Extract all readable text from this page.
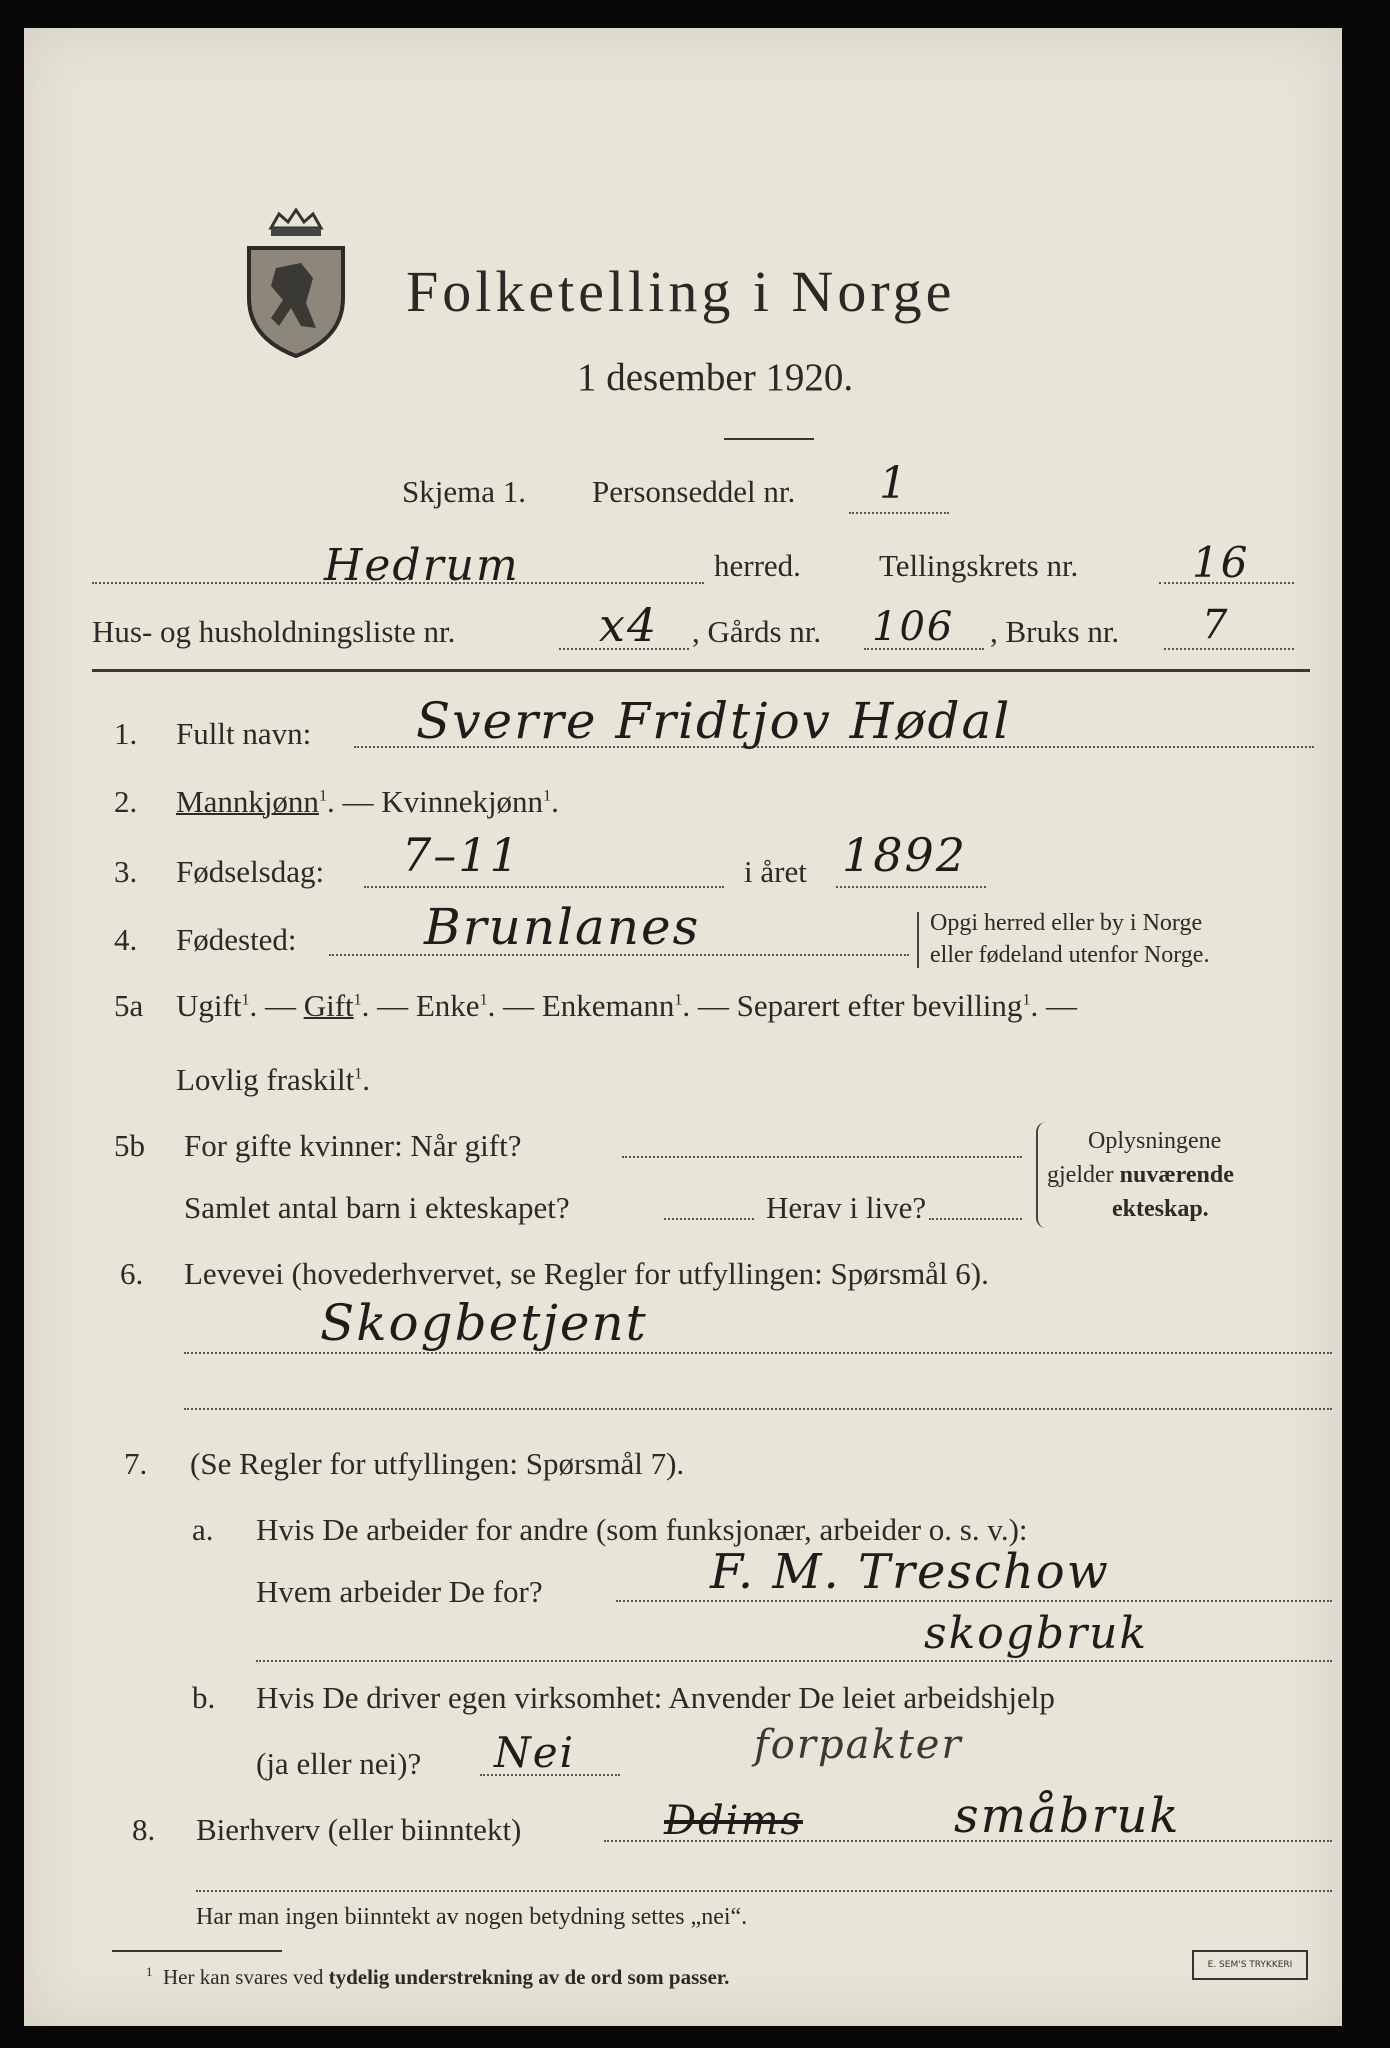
Folketelling i Norge
1 desember 1920.
Skjema 1. Personseddel nr. 1
Hedrum	herred.	Tellingskrets nr.	16
Hus- og husholdningsliste nr.	x4 , Gårds nr. 106 , Bruks nr. 7
1. Fullt navn: Sverre Fridtjov Hødal
2. Mannkjønn$^1$. — Kvinnekjønn$^1$.
3. Fødselsdag: 7–11	i året 1892
4. Fødested:	Brunlanes	Opgi herred eller by i Norge
eller fødeland utenfor Norge.
5a Ugift$^1$. — Gift$^1$. — Enke$^1$. — Enkemann$^1$. — Separert efter bevilling$^1$. —
Lovlig fraskilt$^1$.
5b For gifte kvinner: Når gift?
Samlet antal barn i ekteskapet?	Herav i live?
Oplysningene
gjelder nuværende
ekteskap.
6. Levevei (hovederhvervet, se Regler for utfyllingen: Spørsmål 6).
Skogbetjent
7. (Se Regler for utfyllingen: Spørsmål 7).
a. Hvis De arbeider for andre (som funksjonær, arbeider o. s. v.):
Hvem arbeider De for?	F. M. Treschow
skogbruk
b. Hvis De driver egen virksomhet: Anvender De leiet arbeidshjelp
(ja eller nei)? Nei	forpakter
8. Bierhverv (eller biinntekt)	Ddims	småbruk
Har man ingen biinntekt av nogen betydning settes „nei“.
$^1$ Her kan svares ved tydelig understrekning av de ord som passer.	E. SEM'S TRYKKERI
